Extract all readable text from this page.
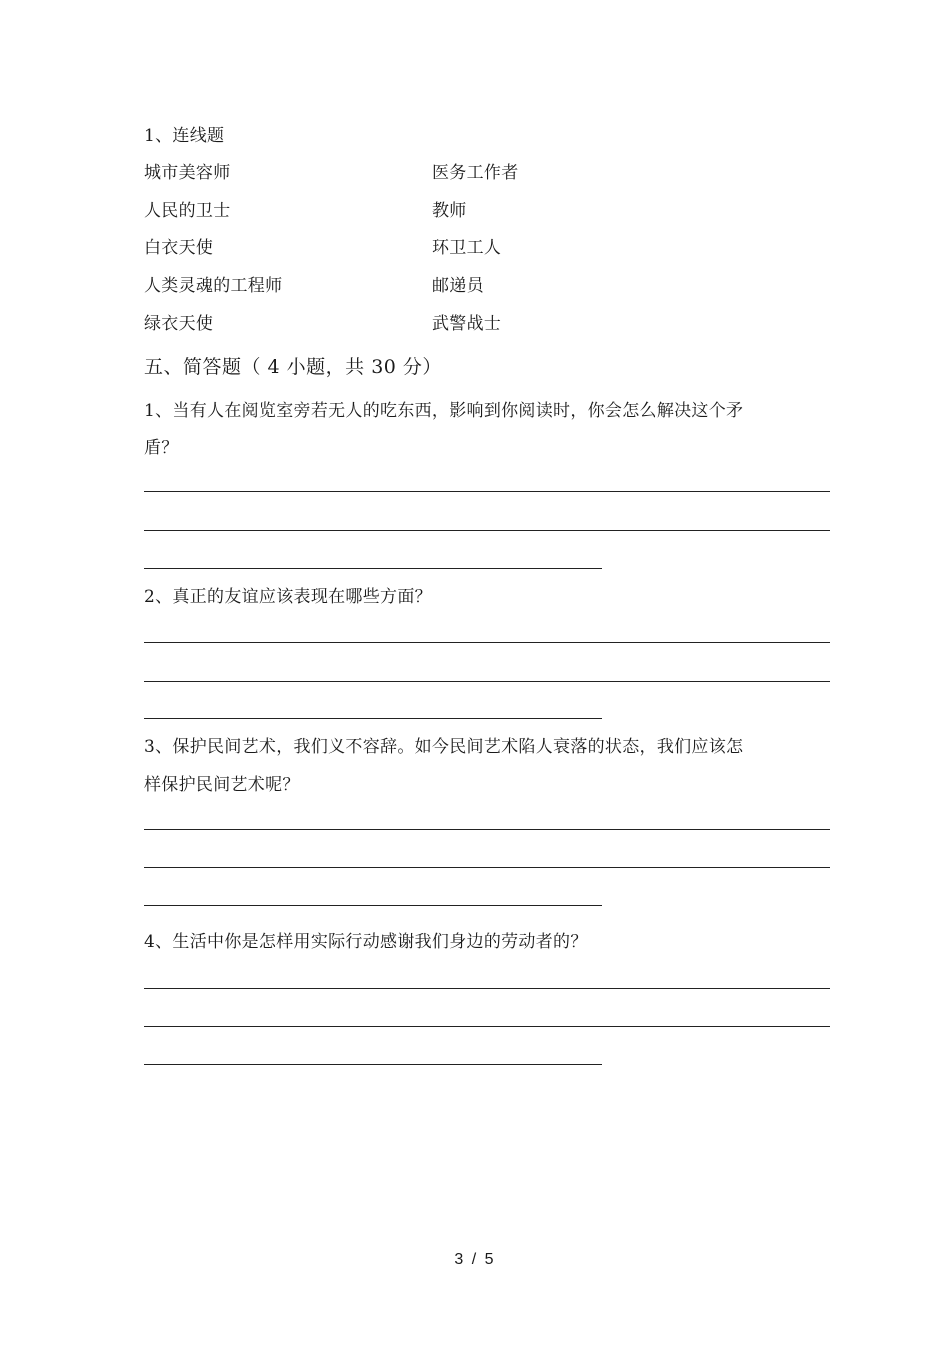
1、连线题
城市美容师	医务工作者
人民的卫士	教师
白衣天使	环卫工人
人类灵魂的工程师	邮递员
绿衣天使	武警战士
五、简答题（ 4 小题，共 30 分）
1、当有人在阅览室旁若无人的吃东西，影响到你阅读时，你会怎么解决这个矛
盾？
2、真正的友谊应该表现在哪些方面？
3、保护民间艺术，我们义不容辞。如今民间艺术陷人衰落的状态，我们应该怎
样保护民间艺术呢？
4、生活中你是怎样用实际行动感谢我们身边的劳动者的？
3 / 5
